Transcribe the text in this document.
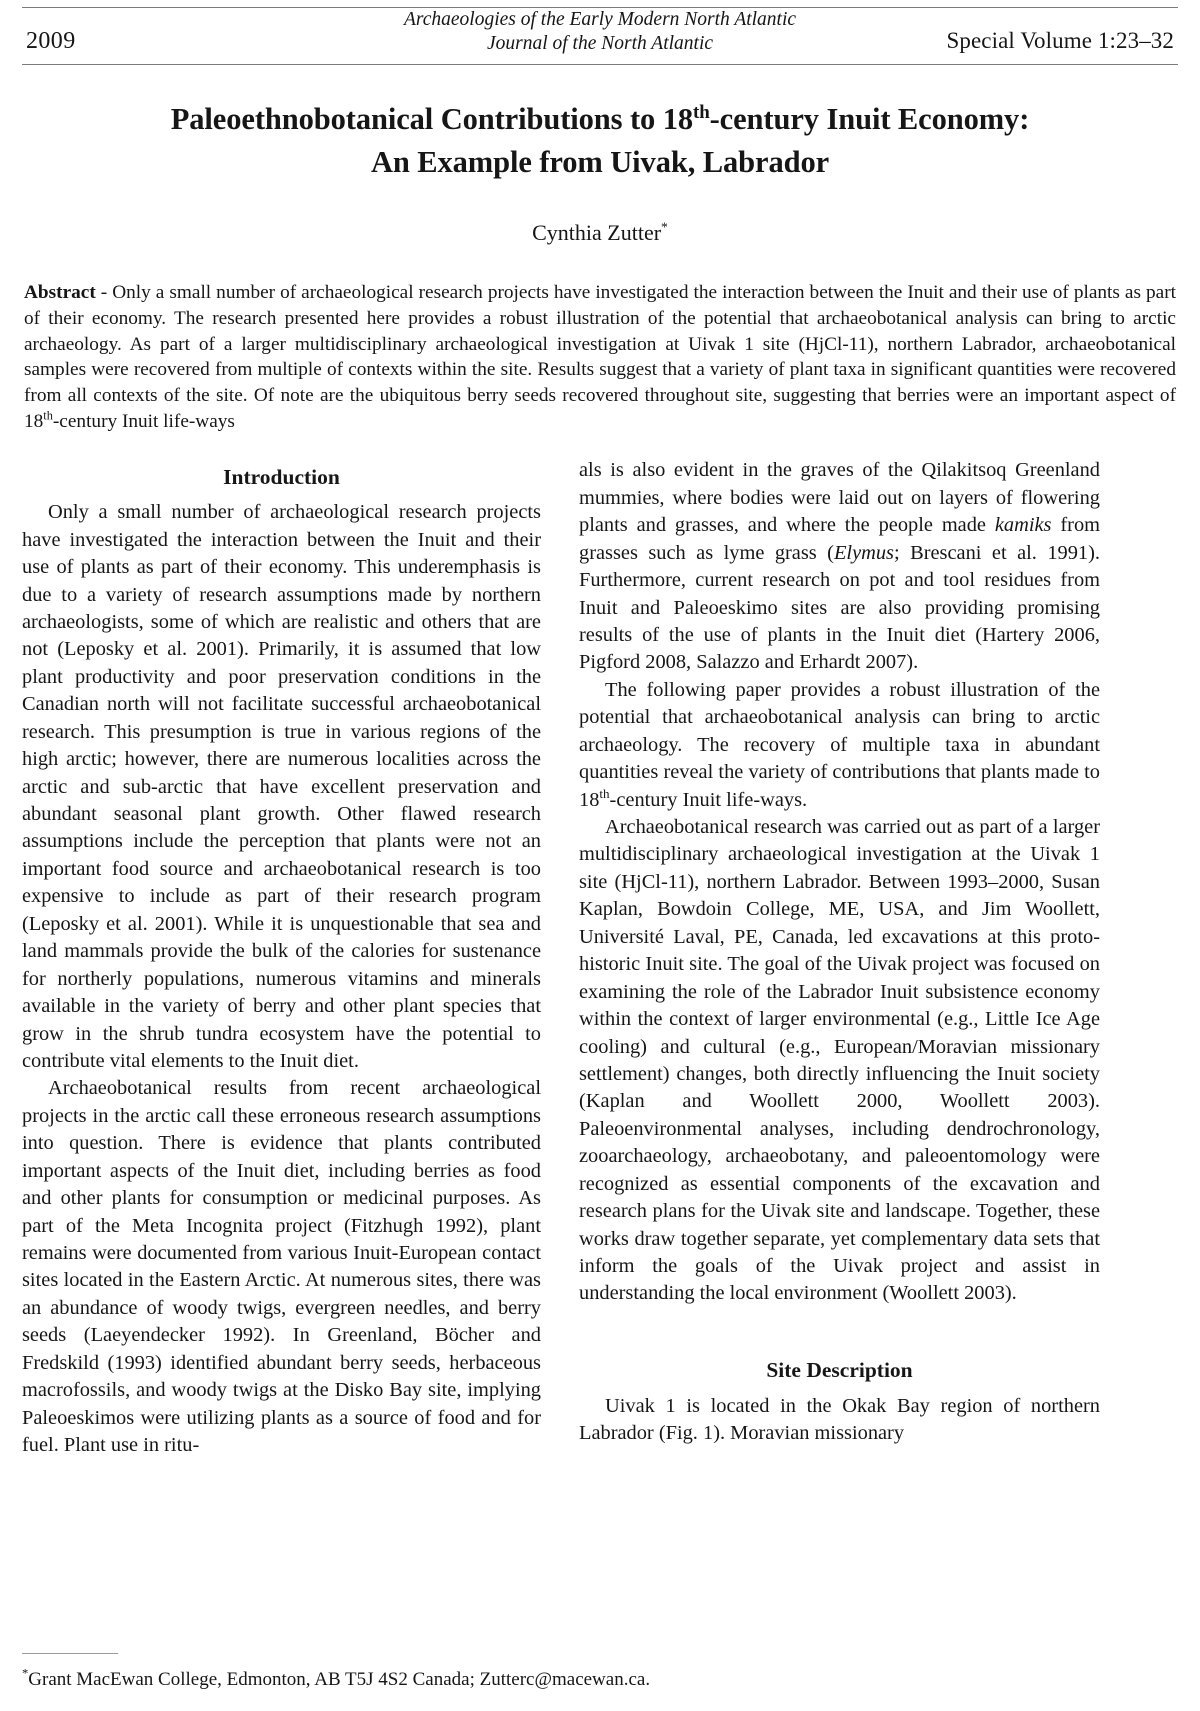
2009
Archaeologies of the Early Modern North Atlantic
Journal of the North Atlantic	Special Volume 1:23–32
Paleoethnobotanical Contributions to 18th-century Inuit Economy:
An Example from Uivak, Labrador
Cynthia Zutter*
Abstract - Only a small number of archaeological research projects have investigated the interaction between the Inuit and their use of plants as part of their economy. The research presented here provides a robust illustration of the potential that archaeobotanical analysis can bring to arctic archaeology. As part of a larger multidisciplinary archaeological investigation at Uivak 1 site (HjCl-11), northern Labrador, archaeobotanical samples were recovered from multiple of contexts within the site. Results suggest that a variety of plant taxa in significant quantities were recovered from all contexts of the site. Of note are the ubiquitous berry seeds recovered throughout site, suggesting that berries were an important aspect of 18th-century Inuit life-ways
Introduction

Only a small number of archaeological research projects have investigated the interaction between the Inuit and their use of plants as part of their economy. This underemphasis is due to a variety of research assumptions made by northern archaeologists, some of which are realistic and others that are not (Leposky et al. 2001). Primarily, it is assumed that low plant productivity and poor preservation conditions in the Canadian north will not facilitate successful archaeobotanical research. This presumption is true in various regions of the high arctic; however, there are numerous localities across the arctic and sub-arctic that have excellent preservation and abundant seasonal plant growth. Other flawed research assumptions include the perception that plants were not an important food source and archaeobotanical research is too expensive to include as part of their research program (Leposky et al. 2001). While it is unquestionable that sea and land mammals provide the bulk of the calories for sustenance for northerly populations, numerous vitamins and minerals available in the variety of berry and other plant species that grow in the shrub tundra ecosystem have the potential to contribute vital elements to the Inuit diet.

Archaeobotanical results from recent archaeological projects in the arctic call these erroneous research assumptions into question. There is evidence that plants contributed important aspects of the Inuit diet, including berries as food and other plants for consumption or medicinal purposes. As part of the Meta Incognita project (Fitzhugh 1992), plant remains were documented from various Inuit-European contact sites located in the Eastern Arctic. At numerous sites, there was an abundance of woody twigs, evergreen needles, and berry seeds (Laeyendecker 1992). In Greenland, Böcher and Fredskild (1993) identified abundant berry seeds, herbaceous macrofossils, and woody twigs at the Disko Bay site, implying Paleoeskimos were utilizing plants as a source of food and for fuel. Plant use in ritu-

als is also evident in the graves of the Qilakitsoq Greenland mummies, where bodies were laid out on layers of flowering plants and grasses, and where the people made kamiks from grasses such as lyme grass (Elymus; Brescani et al. 1991). Furthermore, current research on pot and tool residues from Inuit and Paleoeskimo sites are also providing promising results of the use of plants in the Inuit diet (Hartery 2006, Pigford 2008, Salazzo and Erhardt 2007).

The following paper provides a robust illustration of the potential that archaeobotanical analysis can bring to arctic archaeology. The recovery of multiple taxa in abundant quantities reveal the variety of contributions that plants made to 18th-century Inuit life-ways.

Archaeobotanical research was carried out as part of a larger multidisciplinary archaeological investigation at the Uivak 1 site (HjCl-11), northern Labrador. Between 1993–2000, Susan Kaplan, Bowdoin College, ME, USA, and Jim Woollett, Université Laval, PE, Canada, led excavations at this proto-historic Inuit site. The goal of the Uivak project was focused on examining the role of the Labrador Inuit subsistence economy within the context of larger environmental (e.g., Little Ice Age cooling) and cultural (e.g., European/Moravian missionary settlement) changes, both directly influencing the Inuit society (Kaplan and Woollett 2000, Woollett 2003). Paleoenvironmental analyses, including dendrochronology, zooarchaeology, archaeobotany, and paleoentomology were recognized as essential components of the excavation and research plans for the Uivak site and landscape. Together, these works draw together separate, yet complementary data sets that inform the goals of the Uivak project and assist in understanding the local environment (Woollett 2003).

Site Description

Uivak 1 is located in the Okak Bay region of northern Labrador (Fig. 1). Moravian missionary

*Grant MacEwan College, Edmonton, AB T5J 4S2 Canada; Zutterc@macewan.ca.
